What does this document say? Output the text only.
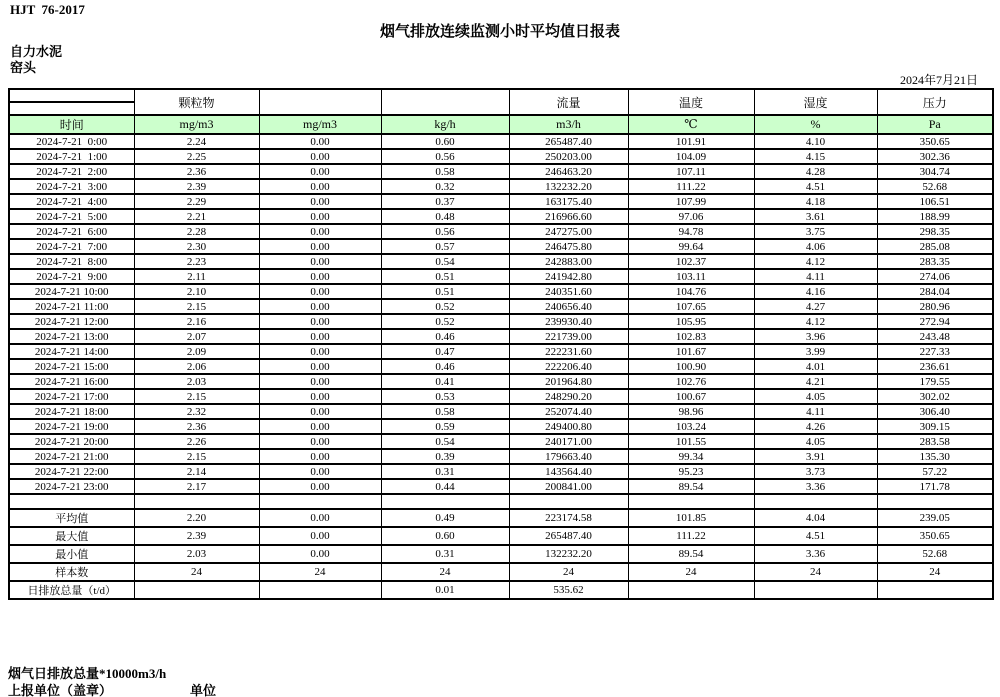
HJT  76-2017
烟气排放连续监测小时平均值日报表
自力水泥
窑头
2024年7月21日
	颗粒物			流量	温度	湿度	压力

时间	mg/m3	mg/m3	kg/h	m3/h	℃	%	Pa
2024-7-21  0:00	2.24	0.00	0.60	265487.40	101.91	4.10	350.65
2024-7-21  1:00	2.25	0.00	0.56	250203.00	104.09	4.15	302.36
2024-7-21  2:00	2.36	0.00	0.58	246463.20	107.11	4.28	304.74
2024-7-21  3:00	2.39	0.00	0.32	132232.20	111.22	4.51	52.68
2024-7-21  4:00	2.29	0.00	0.37	163175.40	107.99	4.18	106.51
2024-7-21  5:00	2.21	0.00	0.48	216966.60	97.06	3.61	188.99
2024-7-21  6:00	2.28	0.00	0.56	247275.00	94.78	3.75	298.35
2024-7-21  7:00	2.30	0.00	0.57	246475.80	99.64	4.06	285.08
2024-7-21  8:00	2.23	0.00	0.54	242883.00	102.37	4.12	283.35
2024-7-21  9:00	2.11	0.00	0.51	241942.80	103.11	4.11	274.06
2024-7-21 10:00	2.10	0.00	0.51	240351.60	104.76	4.16	284.04
2024-7-21 11:00	2.15	0.00	0.52	240656.40	107.65	4.27	280.96
2024-7-21 12:00	2.16	0.00	0.52	239930.40	105.95	4.12	272.94
2024-7-21 13:00	2.07	0.00	0.46	221739.00	102.83	3.96	243.48
2024-7-21 14:00	2.09	0.00	0.47	222231.60	101.67	3.99	227.33
2024-7-21 15:00	2.06	0.00	0.46	222206.40	100.90	4.01	236.61
2024-7-21 16:00	2.03	0.00	0.41	201964.80	102.76	4.21	179.55
2024-7-21 17:00	2.15	0.00	0.53	248290.20	100.67	4.05	302.02
2024-7-21 18:00	2.32	0.00	0.58	252074.40	98.96	4.11	306.40
2024-7-21 19:00	2.36	0.00	0.59	249400.80	103.24	4.26	309.15
2024-7-21 20:00	2.26	0.00	0.54	240171.00	101.55	4.05	283.58
2024-7-21 21:00	2.15	0.00	0.39	179663.40	99.34	3.91	135.30
2024-7-21 22:00	2.14	0.00	0.31	143564.40	95.23	3.73	57.22
2024-7-21 23:00	2.17	0.00	0.44	200841.00	89.54	3.36	171.78

平均值	2.20	0.00	0.49	223174.58	101.85	4.04	239.05
最大值	2.39	0.00	0.60	265487.40	111.22	4.51	350.65
最小值	2.03	0.00	0.31	132232.20	89.54	3.36	52.68
样本数	24	24	24	24	24	24	24
日排放总量（t/d）			0.01	535.62			
烟气日排放总量*10000m3/h
上报单位（盖章）	单位
